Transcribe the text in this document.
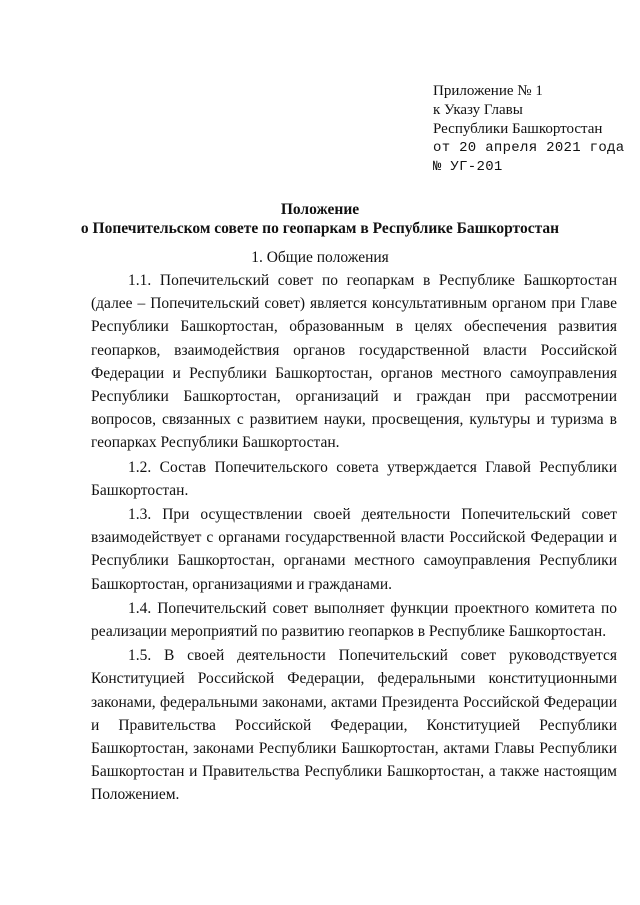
Приложение № 1
к Указу Главы
Республики Башкортостан
от 20 апреля 2021 года
№ УГ-201
Положение
о Попечительском совете по геопаркам в Республике Башкортостан
1. Общие положения

1.1. Попечительский совет по геопаркам в Республике Башкортостан (далее – Попечительский совет) является консультативным органом при Главе Республики Башкортостан, образованным в целях обеспечения развития геопарков, взаимодействия органов государственной власти Российской Федерации и Республики Башкортостан, органов местного самоуправления Республики Башкортостан, организаций и граждан при рассмотрении вопросов, связанных с развитием науки, просвещения, культуры и туризма в геопарках Республики Башкортостан.

1.2. Состав Попечительского совета утверждается Главой Республики Башкортостан.

1.3. При осуществлении своей деятельности Попечительский совет взаимодействует с органами государственной власти Российской Федерации и Республики Башкортостан, органами местного самоуправления Республики Башкортостан, организациями и гражданами.

1.4. Попечительский совет выполняет функции проектного комитета по реализации мероприятий по развитию геопарков в Республике Башкортостан.

1.5. В своей деятельности Попечительский совет руководствуется Конституцией Российской Федерации, федеральными конституционными законами, федеральными законами, актами Президента Российской Федерации и Правительства Российской Федерации, Конституцией Республики Башкортостан, законами Республики Башкортостан, актами Главы Республики Башкортостан и Правительства Республики Башкортостан, а также настоящим Положением.
